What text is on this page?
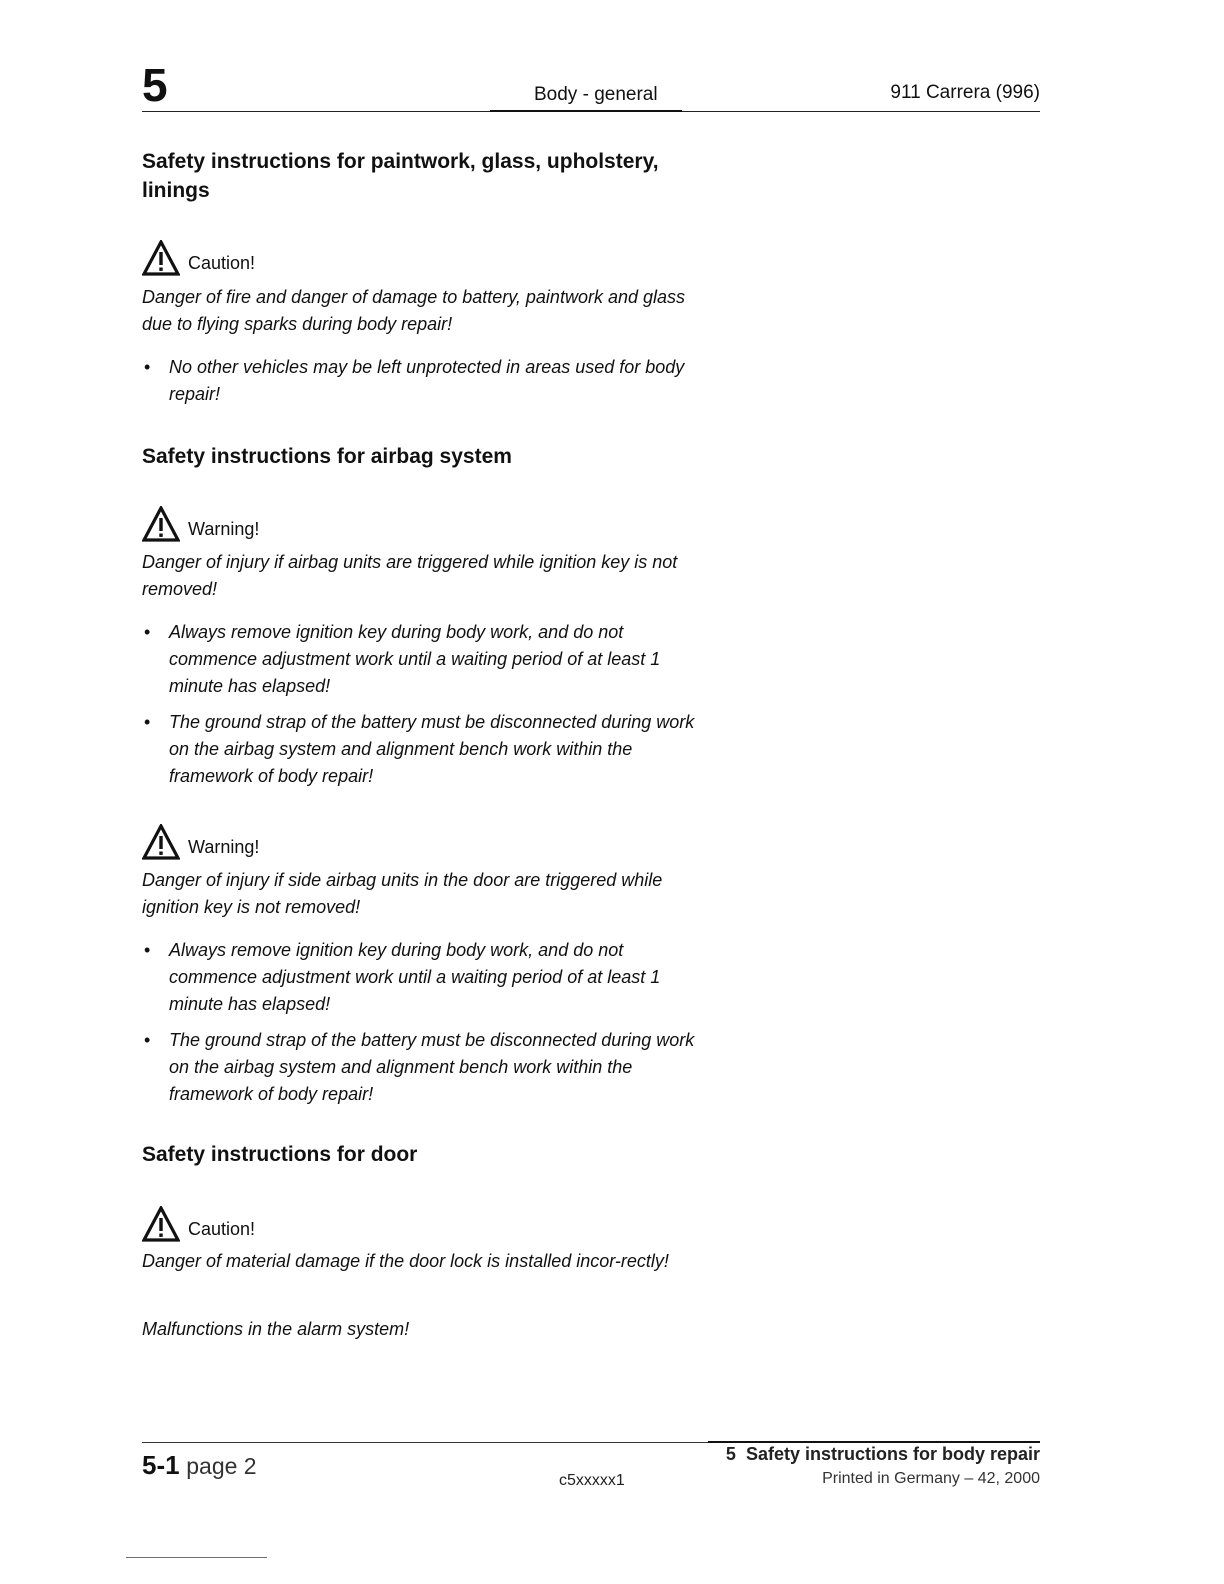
5	Body - general	911 Carrera (996)
Safety instructions for paintwork, glass, upholstery, linings
Caution!
Danger of fire and danger of damage to battery, paintwork and glass due to flying sparks during body repair!
• No other vehicles may be left unprotected in areas used for body repair!
Safety instructions for airbag system
Warning!
Danger of injury if airbag units are triggered while ignition key is not removed!
• Always remove ignition key during body work, and do not commence adjustment work until a waiting period of at least 1 minute has elapsed!
• The ground strap of the battery must be disconnected during work on the airbag system and alignment bench work within the framework of body repair!
Warning!
Danger of injury if side airbag units in the door are triggered while ignition key is not removed!
• Always remove ignition key during body work, and do not commence adjustment work until a waiting period of at least 1 minute has elapsed!
• The ground strap of the battery must be disconnected during work on the airbag system and alignment bench work within the framework of body repair!
Safety instructions for door
Caution!
Danger of material damage if the door lock is installed incor-rectly!
Malfunctions in the alarm system!
5-1 page 2
c5xxxxx1
5 Safety instructions for body repair
Printed in Germany – 42, 2000
